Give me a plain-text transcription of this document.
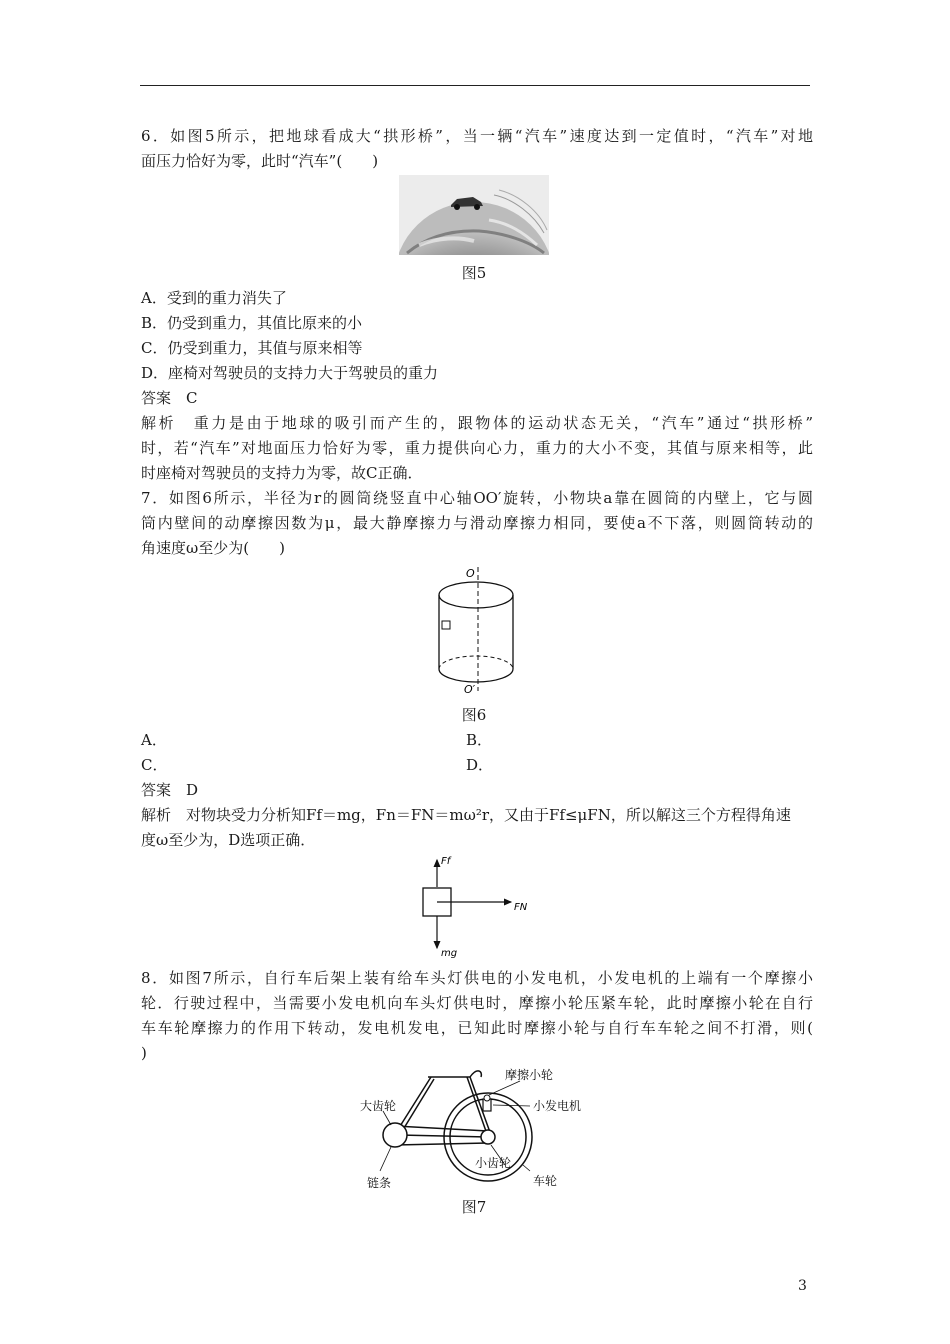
6．如图5所示，把地球看成大“拱形桥”，当一辆“汽车”速度达到一定值时，“汽车”对地
面压力恰好为零，此时“汽车”(　　)
图5
A．受到的重力消失了
B．仍受到重力，其值比原来的小
C．仍受到重力，其值与原来相等
D．座椅对驾驶员的支持力大于驾驶员的重力
答案　C
解析　重力是由于地球的吸引而产生的，跟物体的运动状态无关，“汽车”通过“拱形桥”
时，若“汽车”对地面压力恰好为零，重力提供向心力，重力的大小不变，其值与原来相等，此
时座椅对驾驶员的支持力为零，故C正确．
7．如图6所示，半径为r的圆筒绕竖直中心轴OO′旋转，小物块a靠在圆筒的内壁上，它与圆
筒内壁间的动摩擦因数为μ，最大静摩擦力与滑动摩擦力相同，要使a不下落，则圆筒转动的
角速度ω至少为(　　)
O
O′
图6
A．	B．
C．	D．
答案　D
解析　对物块受力分析知Ff＝mg，Fn＝FN＝mω²r，又由于Ff≤μFN，所以解这三个方程得角速
度ω至少为，D选项正确．
Ff
FN
mg
8．如图7所示，自行车后架上装有给车头灯供电的小发电机，小发电机的上端有一个摩擦小
轮．行驶过程中，当需要小发电机向车头灯供电时，摩擦小轮压紧车轮，此时摩擦小轮在自行
车车轮摩擦力的作用下转动，发电机发电，已知此时摩擦小轮与自行车车轮之间不打滑，则(
)
摩擦小轮
小发电机
大齿轮
小齿轮
链条	车轮
图7
3
